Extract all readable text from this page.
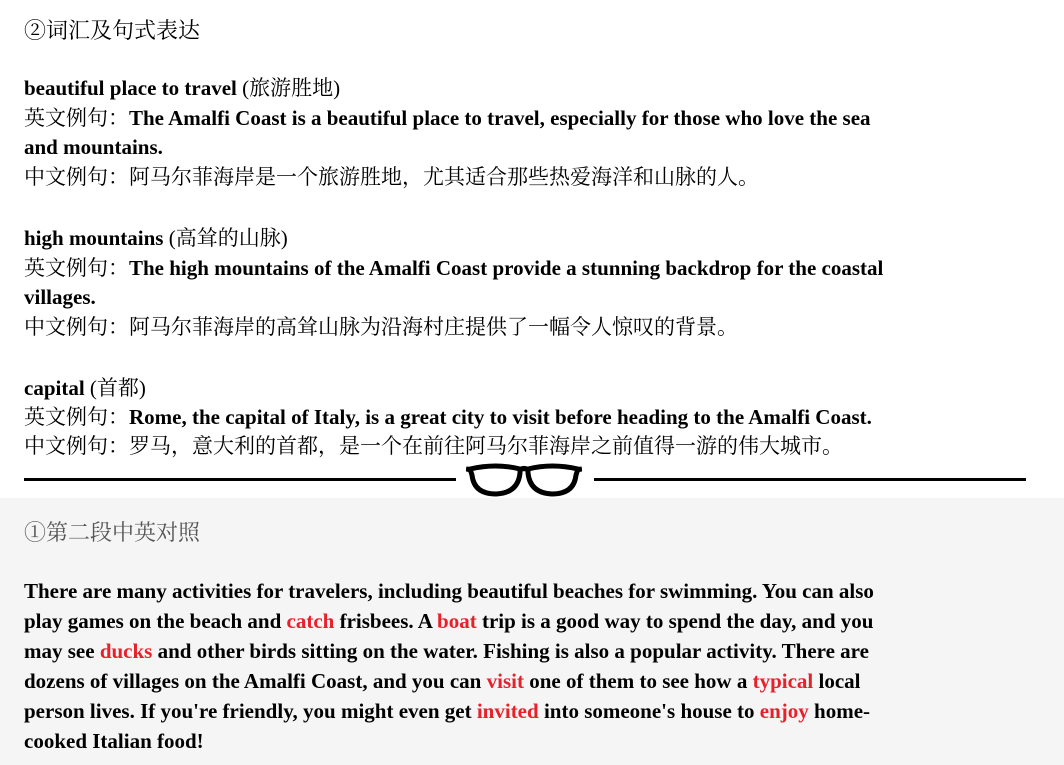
②词汇及句式表达
beautiful place to travel (旅游胜地)
英文例句：The Amalfi Coast is a beautiful place to travel, especially for those who love the sea
and mountains.
中文例句：阿马尔菲海岸是一个旅游胜地，尤其适合那些热爱海洋和山脉的人。
high mountains (高耸的山脉)
英文例句：The high mountains of the Amalfi Coast provide a stunning backdrop for the coastal
villages.
中文例句：阿马尔菲海岸的高耸山脉为沿海村庄提供了一幅令人惊叹的背景。
capital (首都)
英文例句：Rome, the capital of Italy, is a great city to visit before heading to the Amalfi Coast.
中文例句：罗马，意大利的首都，是一个在前往阿马尔菲海岸之前值得一游的伟大城市。
①第二段中英对照
There are many activities for travelers, including beautiful beaches for swimming. You can also
play games on the beach and catch frisbees. A boat trip is a good way to spend the day, and you
may see ducks and other birds sitting on the water. Fishing is also a popular activity. There are
dozens of villages on the Amalfi Coast, and you can visit one of them to see how a typical local
person lives. If you're friendly, you might even get invited into someone's house to enjoy home-
cooked Italian food!
